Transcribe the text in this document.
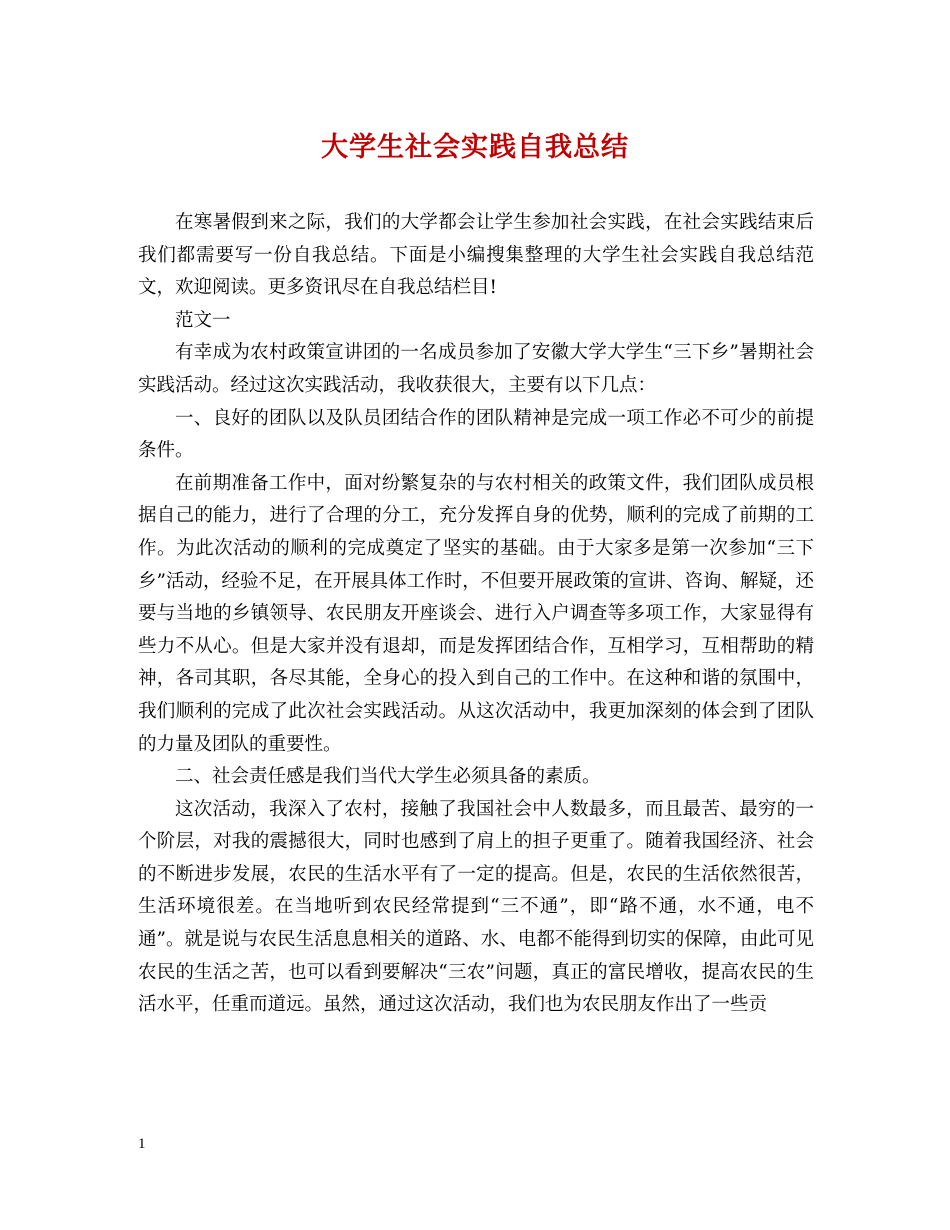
大学生社会实践自我总结

在寒暑假到来之际，我们的大学都会让学生参加社会实践，在社会实践结束后我们都需要写一份自我总结。下面是小编搜集整理的大学生社会实践自我总结范文，欢迎阅读。更多资讯尽在自我总结栏目!

范文一

有幸成为农村政策宣讲团的一名成员参加了安徽大学大学生“三下乡”暑期社会实践活动。经过这次实践活动，我收获很大，主要有以下几点：

一、良好的团队以及队员团结合作的团队精神是完成一项工作必不可少的前提条件。

在前期准备工作中，面对纷繁复杂的与农村相关的政策文件，我们团队成员根据自己的能力，进行了合理的分工，充分发挥自身的优势，顺利的完成了前期的工作。为此次活动的顺利的完成奠定了坚实的基础。由于大家多是第一次参加“三下乡”活动，经验不足，在开展具体工作时，不但要开展政策的宣讲、咨询、解疑，还要与当地的乡镇领导、农民朋友开座谈会、进行入户调查等多项工作，大家显得有些力不从心。但是大家并没有退却，而是发挥团结合作，互相学习，互相帮助的精神，各司其职，各尽其能，全身心的投入到自己的工作中。在这种和谐的氛围中，我们顺利的完成了此次社会实践活动。从这次活动中，我更加深刻的体会到了团队的力量及团队的重要性。

二、社会责任感是我们当代大学生必须具备的素质。

这次活动，我深入了农村，接触了我国社会中人数最多，而且最苦、最穷的一个阶层，对我的震撼很大，同时也感到了肩上的担子更重了。随着我国经济、社会的不断进步发展，农民的生活水平有了一定的提高。但是，农民的生活依然很苦，生活环境很差。在当地听到农民经常提到“三不通”，即“路不通，水不通，电不通”。就是说与农民生活息息相关的道路、水、电都不能得到切实的保障，由此可见农民的生活之苦，也可以看到要解决“三农”问题，真正的富民增收，提高农民的生活水平，任重而道远。虽然，通过这次活动，我们也为农民朋友作出了一些贡

1
